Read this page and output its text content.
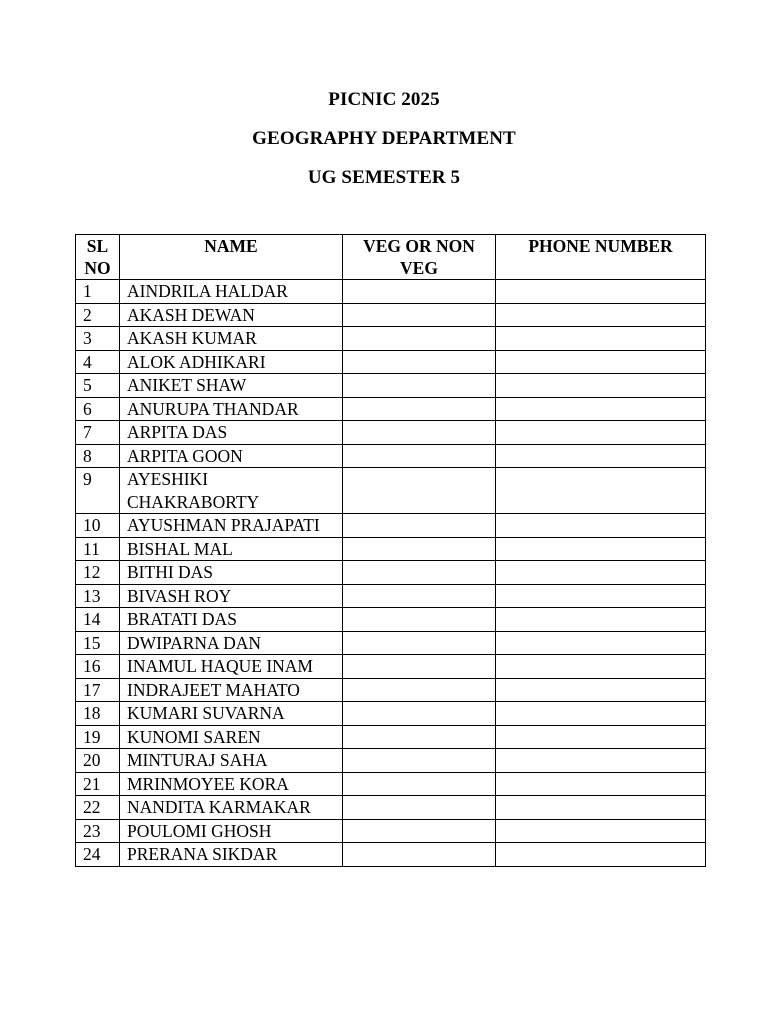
PICNIC 2025
GEOGRAPHY DEPARTMENT
UG SEMESTER 5
SL NO	NAME	VEG OR NON VEG	PHONE NUMBER
1	AINDRILA HALDAR		
2	AKASH DEWAN		
3	AKASH KUMAR		
4	ALOK ADHIKARI		
5	ANIKET SHAW		
6	ANURUPA THANDAR		
7	ARPITA DAS		
8	ARPITA GOON		
9	AYESHIKI CHAKRABORTY		
10	AYUSHMAN PRAJAPATI		
11	BISHAL MAL		
12	BITHI DAS		
13	BIVASH ROY		
14	BRATATI DAS		
15	DWIPARNA DAN		
16	INAMUL HAQUE INAM		
17	INDRAJEET MAHATO		
18	KUMARI SUVARNA		
19	KUNOMI SAREN		
20	MINTURAJ SAHA		
21	MRINMOYEE KORA		
22	NANDITA KARMAKAR		
23	POULOMI GHOSH		
24	PRERANA SIKDAR		
